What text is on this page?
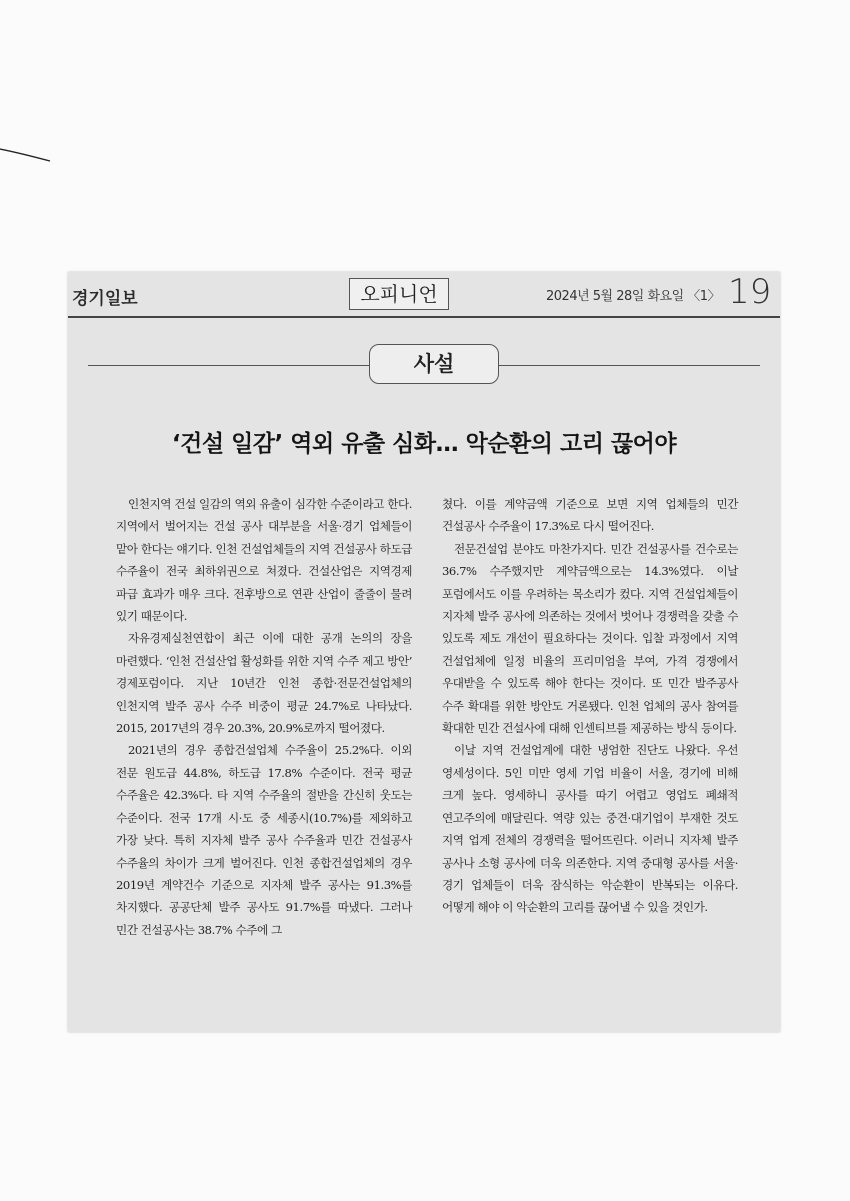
경기일보	오피니언	2024년 5월 28일 화요일 〈1〉 19
사설
‘건설 일감’ 역외 유출 심화… 악순환의 고리 끊어야

인천지역 건설 일감의 역외 유출이 심각한 수준이라고 한다. 지역에서 벌어지는 건설 공사 대부분을 서울·경기 업체들이 맡아 한다는 얘기다. 인천 건설업체들의 지역 건설공사 하도급 수주율이 전국 최하위권으로 쳐졌다. 건설산업은 지역경제 파급 효과가 매우 크다. 전후방으로 연관 산업이 줄줄이 물려 있기 때문이다.

자유경제실천연합이 최근 이에 대한 공개 논의의 장을 마련했다. ‘인천 건설산업 활성화를 위한 지역 수주 제고 방안’ 경제포럼이다. 지난 10년간 인천 종합·전문건설업체의 인천지역 발주 공사 수주 비중이 평균 24.7%로 나타났다. 2015, 2017년의 경우 20.3%, 20.9%로까지 떨어졌다.

2021년의 경우 종합건설업체 수주율이 25.2%다. 이외 전문 원도급 44.8%, 하도급 17.8% 수준이다. 전국 평균 수주율은 42.3%다. 타 지역 수주율의 절반을 간신히 웃도는 수준이다. 전국 17개 시·도 중 세종시(10.7%)를 제외하고 가장 낮다. 특히 지자체 발주 공사 수주율과 민간 건설공사 수주율의 차이가 크게 벌어진다. 인천 종합건설업체의 경우 2019년 계약건수 기준으로 지자체 발주 공사는 91.3%를 차지했다. 공공단체 발주 공사도 91.7%를 따냈다. 그러나 민간 건설공사는 38.7% 수주에 그

쳤다. 이를 계약금액 기준으로 보면 지역 업체들의 민간 건설공사 수주율이 17.3%로 다시 떨어진다.

전문건설업 분야도 마찬가지다. 민간 건설공사를 건수로는 36.7% 수주했지만 계약금액으로는 14.3%였다. 이날 포럼에서도 이를 우려하는 목소리가 컸다. 지역 건설업체들이 지자체 발주 공사에 의존하는 것에서 벗어나 경쟁력을 갖출 수 있도록 제도 개선이 필요하다는 것이다. 입찰 과정에서 지역 건설업체에 일정 비율의 프리미엄을 부여, 가격 경쟁에서 우대받을 수 있도록 해야 한다는 것이다. 또 민간 발주공사 수주 확대를 위한 방안도 거론됐다. 인천 업체의 공사 참여를 확대한 민간 건설사에 대해 인센티브를 제공하는 방식 등이다.

이날 지역 건설업계에 대한 냉엄한 진단도 나왔다. 우선 영세성이다. 5인 미만 영세 기업 비율이 서울, 경기에 비해 크게 높다. 영세하니 공사를 따기 어렵고 영업도 폐쇄적 연고주의에 매달린다. 역량 있는 중견·대기업이 부재한 것도 지역 업계 전체의 경쟁력을 떨어뜨린다. 이러니 지자체 발주 공사나 소형 공사에 더욱 의존한다. 지역 중대형 공사를 서울·경기 업체들이 더욱 잠식하는 악순환이 반복되는 이유다. 어떻게 해야 이 악순환의 고리를 끊어낼 수 있을 것인가.
